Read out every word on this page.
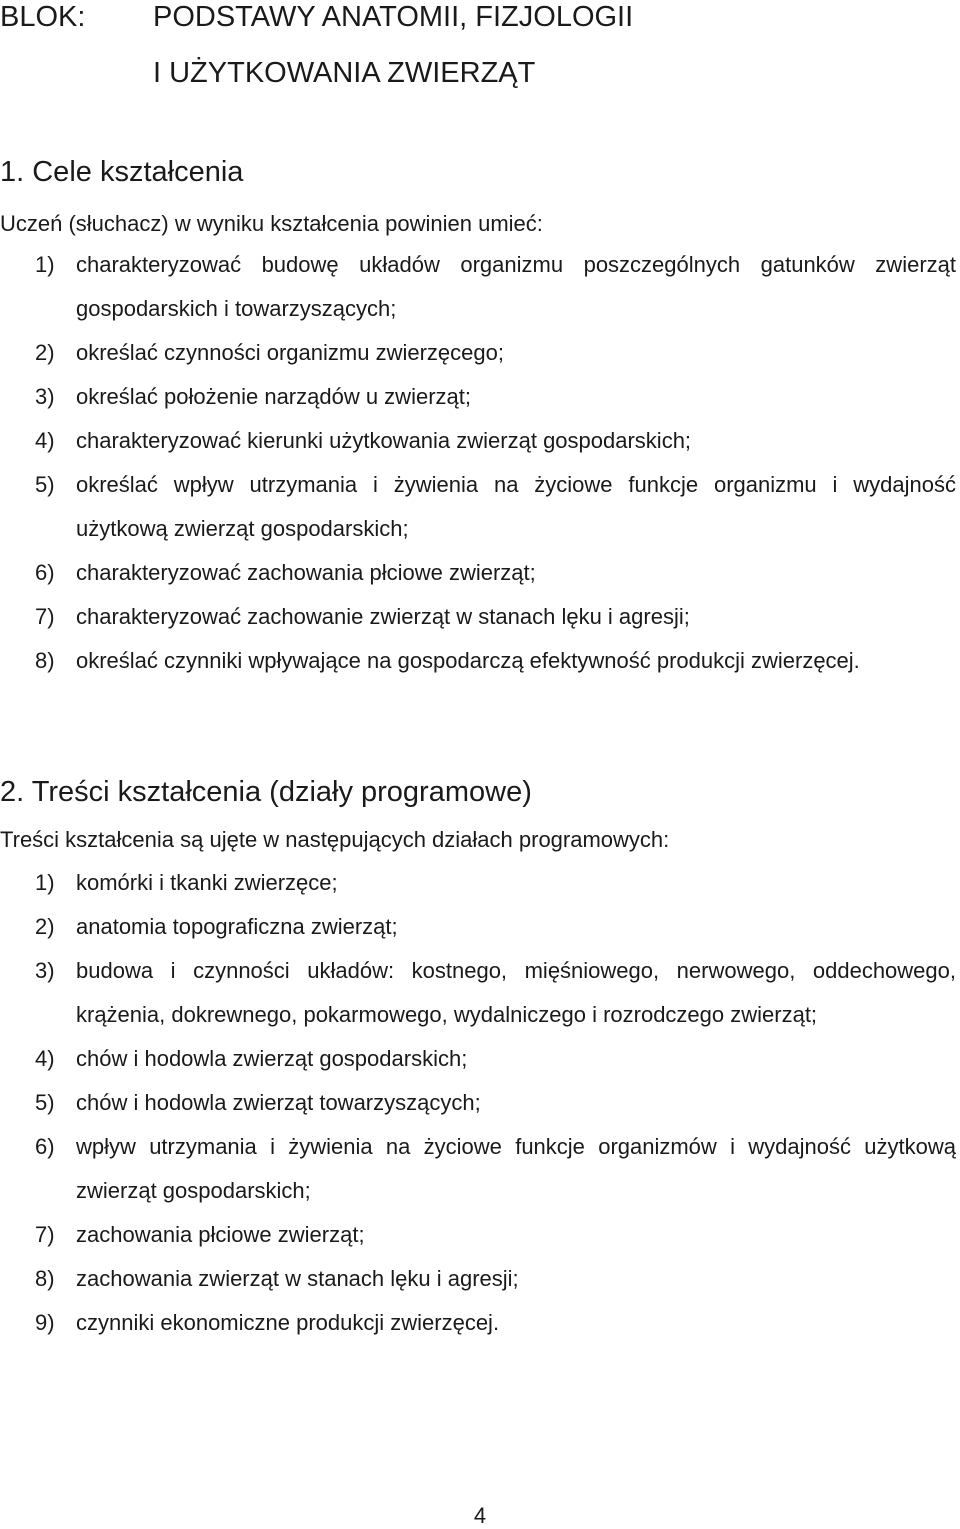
BLOK: PODSTAWY ANATOMII, FIZJOLOGII
I UŻYTKOWANIA ZWIERZĄT
1. Cele kształcenia
Uczeń (słuchacz) w wyniku kształcenia powinien umieć:
1) charakteryzować budowę układów organizmu poszczególnych gatunków zwierząt gospodarskich i towarzyszących;
2) określać czynności organizmu zwierzęcego;
3) określać położenie narządów u zwierząt;
4) charakteryzować kierunki użytkowania zwierząt gospodarskich;
5) określać wpływ utrzymania i żywienia na życiowe funkcje organizmu i wydajność użytkową zwierząt gospodarskich;
6) charakteryzować zachowania płciowe zwierząt;
7) charakteryzować zachowanie zwierząt w stanach lęku i agresji;
8) określać czynniki wpływające na gospodarczą efektywność produkcji zwierzęcej.
2. Treści kształcenia (działy programowe)
Treści kształcenia są ujęte w następujących działach programowych:
1) komórki i tkanki zwierzęce;
2) anatomia topograficzna zwierząt;
3) budowa i czynności układów: kostnego, mięśniowego, nerwowego, oddechowego, krążenia, dokrewnego, pokarmowego, wydalniczego i rozrodczego zwierząt;
4) chów i hodowla zwierząt gospodarskich;
5) chów i hodowla zwierząt towarzyszących;
6) wpływ utrzymania i żywienia na życiowe funkcje organizmów i wydajność użytkową zwierząt gospodarskich;
7) zachowania płciowe zwierząt;
8) zachowania zwierząt w stanach lęku i agresji;
9) czynniki ekonomiczne produkcji zwierzęcej.
4
